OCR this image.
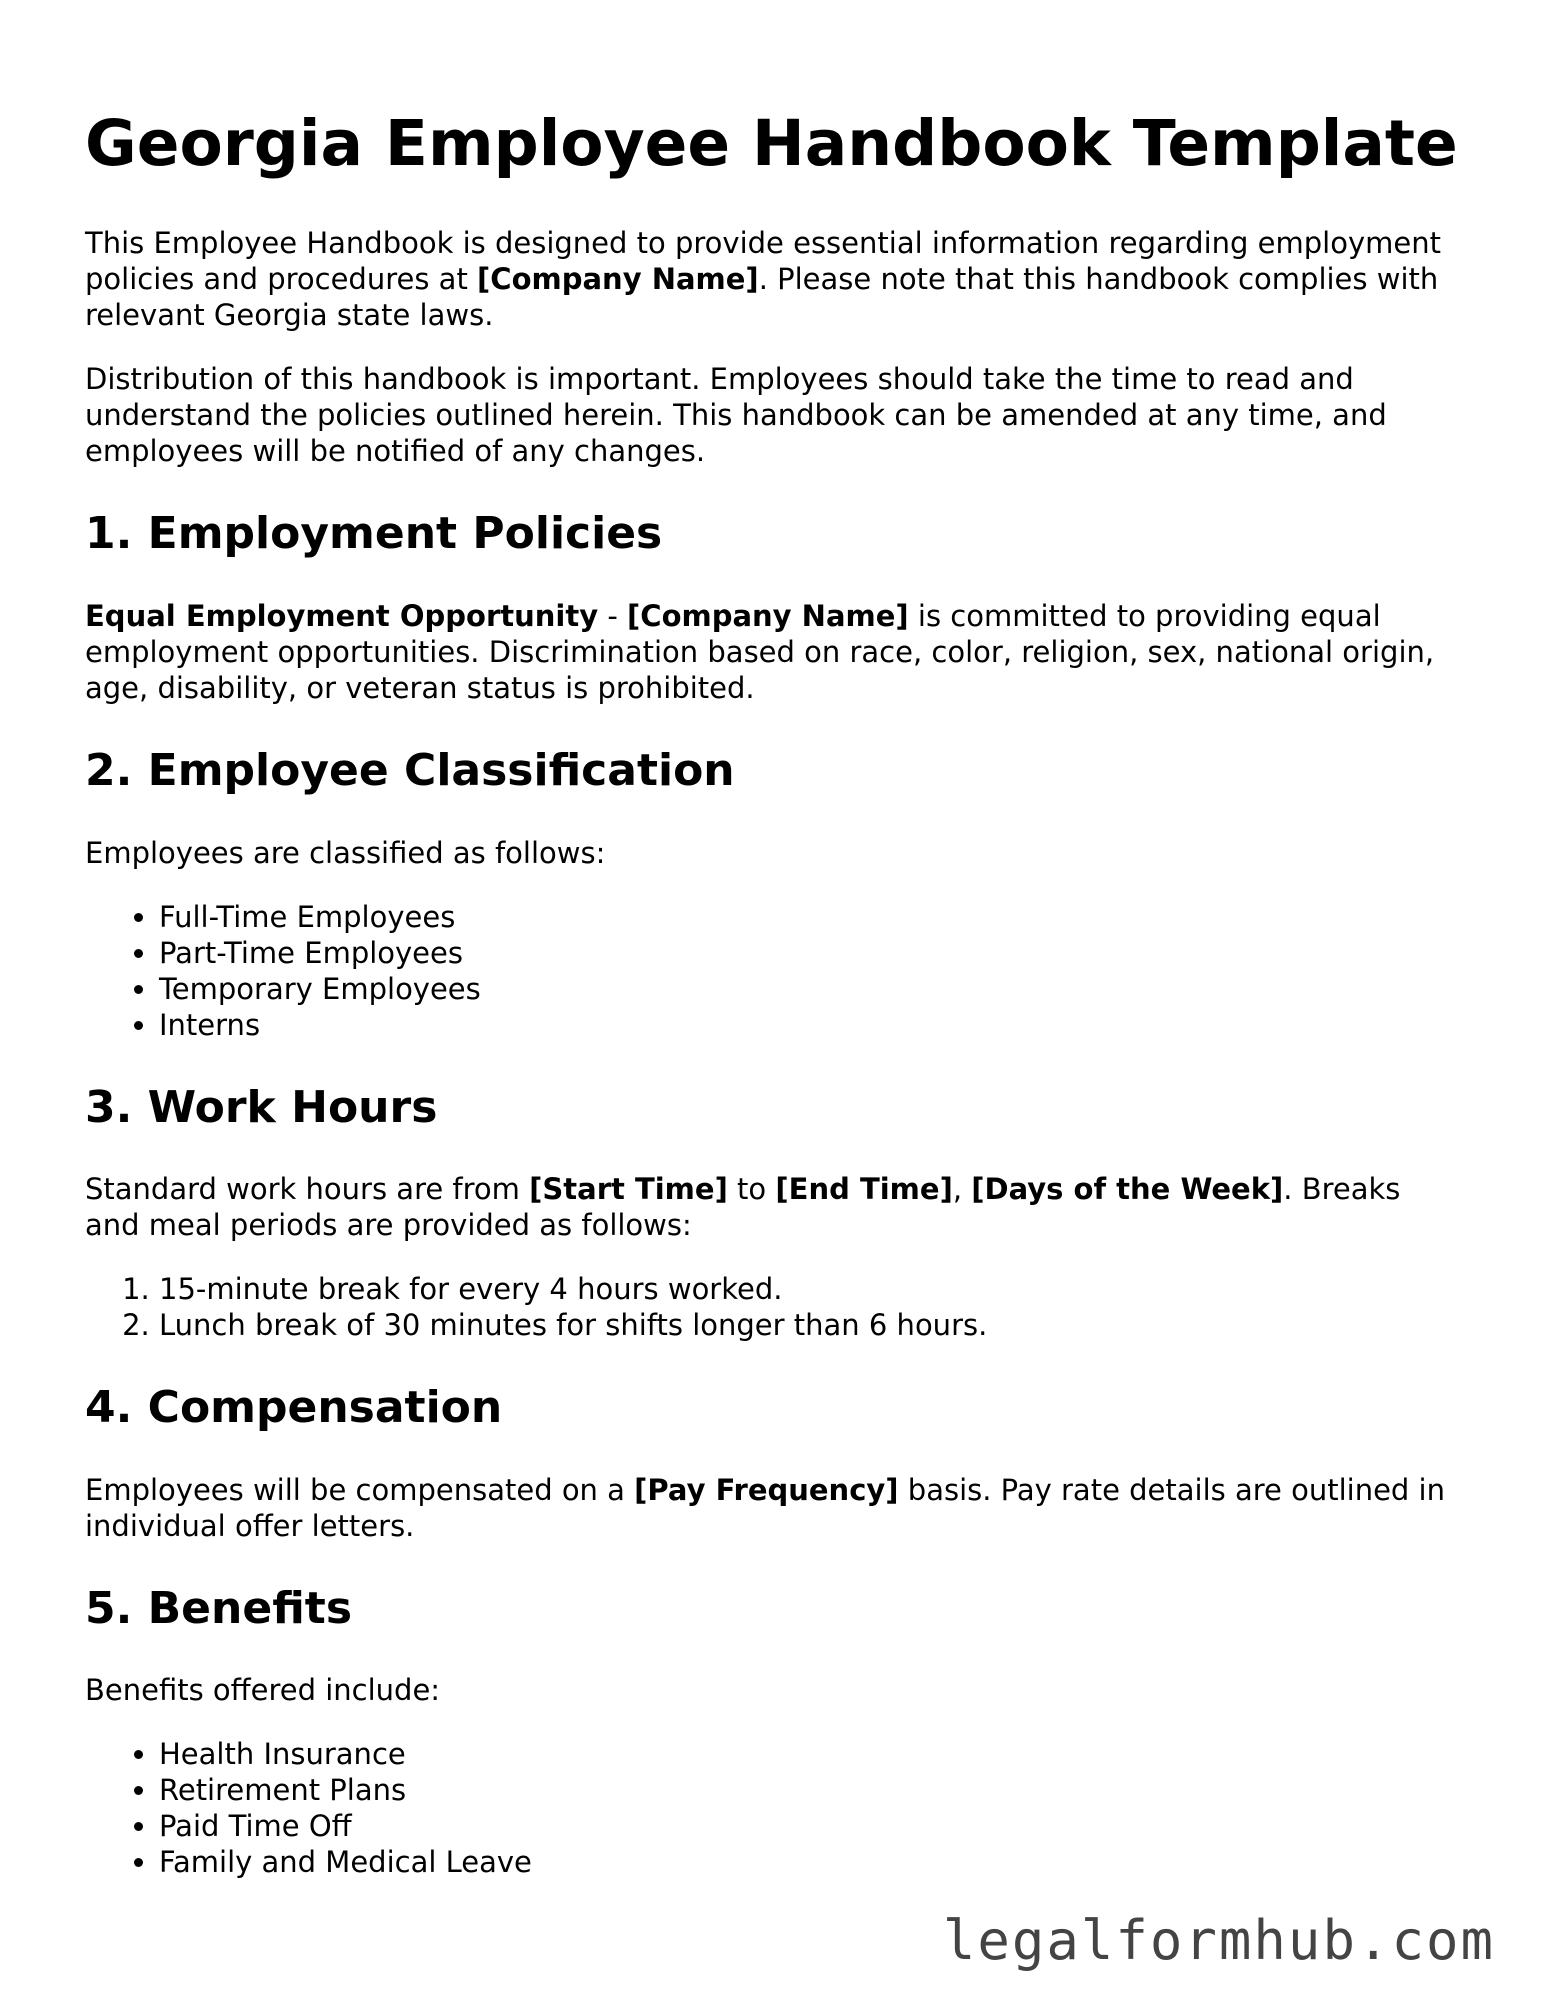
Georgia Employee Handbook Template

This Employee Handbook is designed to provide essential information regarding employment policies and procedures at [Company Name]. Please note that this handbook complies with relevant Georgia state laws.

Distribution of this handbook is important. Employees should take the time to read and understand the policies outlined herein. This handbook can be amended at any time, and employees will be notified of any changes.

1. Employment Policies

Equal Employment Opportunity - [Company Name] is committed to providing equal employment opportunities. Discrimination based on race, color, religion, sex, national origin, age, disability, or veteran status is prohibited.

2. Employee Classification

Employees are classified as follows:

• Full-Time Employees
• Part-Time Employees
• Temporary Employees
• Interns
3. Work Hours

Standard work hours are from [Start Time] to [End Time], [Days of the Week]. Breaks and meal periods are provided as follows:

1. 15-minute break for every 4 hours worked.
2. Lunch break of 30 minutes for shifts longer than 6 hours.
4. Compensation

Employees will be compensated on a [Pay Frequency] basis. Pay rate details are outlined in individual offer letters.

5. Benefits

Benefits offered include:

• Health Insurance
• Retirement Plans
• Paid Time Off
• Family and Medical Leave
legalformhub.com
